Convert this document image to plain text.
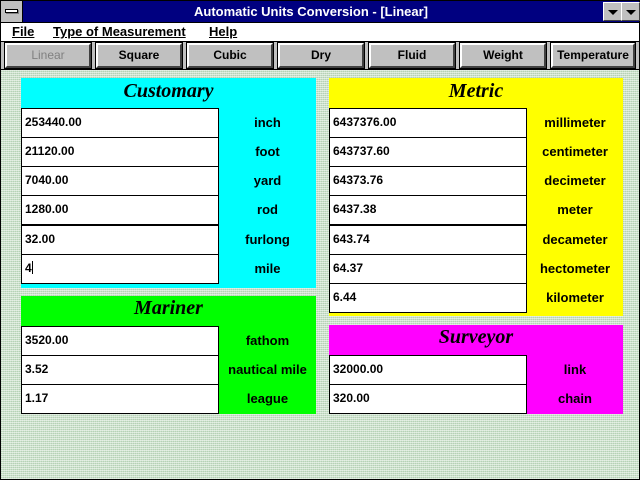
Automatic Units Conversion - [Linear]
File Type of Measurement Help
Linear	Square	Cubic	Dry	Fluid	Weight	Temperature
Customary
253440.00	inch
21120.00	foot
7040.00	yard
1280.00	rod
32.00	furlong
4	mile
Metric
6437376.00	millimeter
643737.60	centimeter
64373.76	decimeter
6437.38	meter
643.74	decameter
64.37	hectometer
6.44	kilometer
Mariner
3520.00	fathom
3.52	nautical mile
1.17	league
Surveyor
32000.00	link
320.00	chain
